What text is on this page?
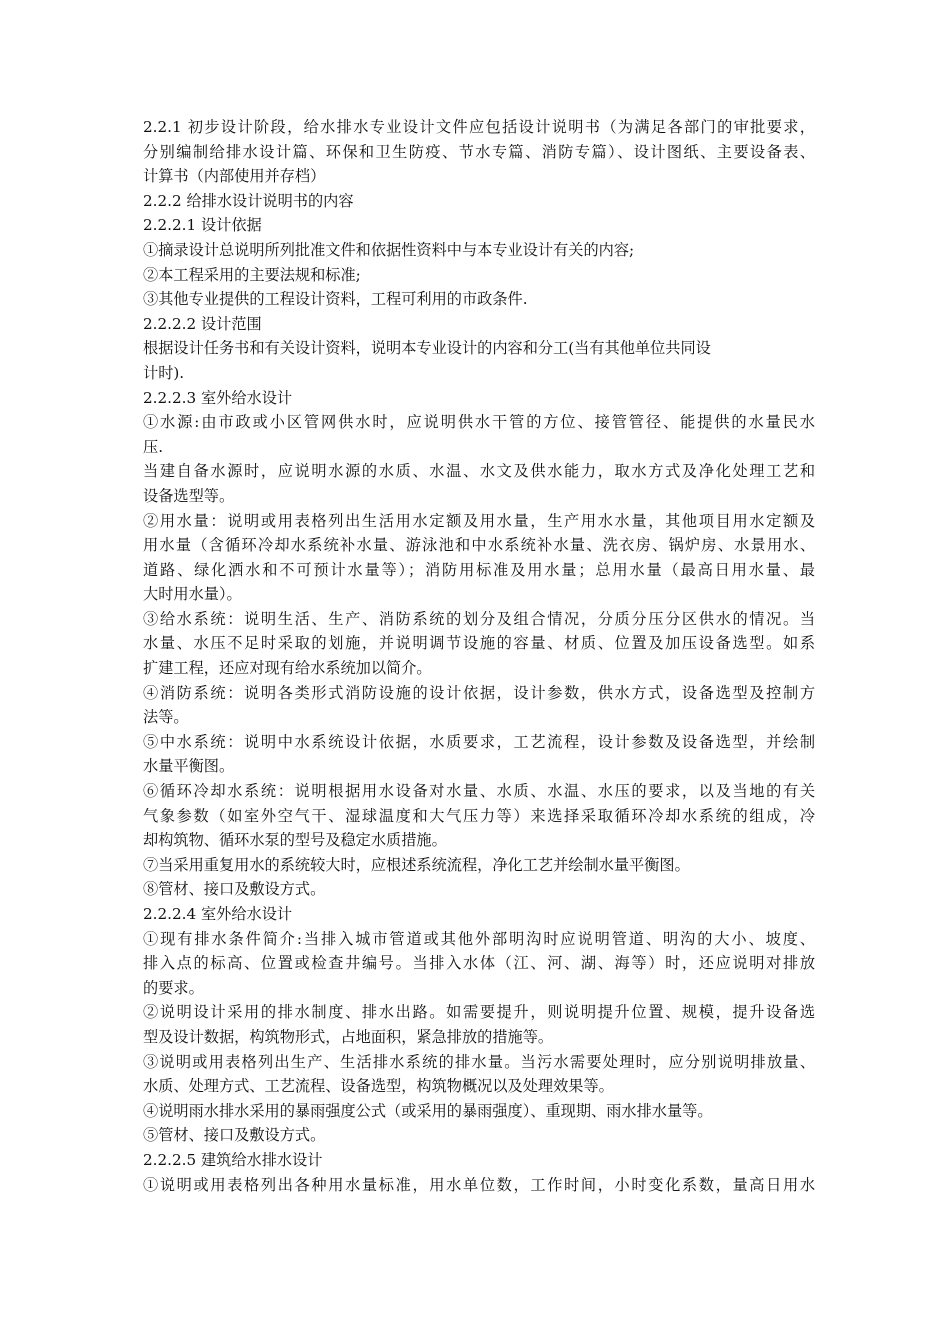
2.2.1 初步设计阶段，给水排水专业设计文件应包括设计说明书（为满足各部门的审批要求，
分别编制给排水设计篇、环保和卫生防疫、节水专篇、消防专篇）、设计图纸、主要设备表、
计算书（内部使用并存档）
2.2.2 给排水设计说明书的内容
2.2.2.1 设计依据
①摘录设计总说明所列批准文件和依据性资料中与本专业设计有关的内容;
②本工程采用的主要法规和标准;
③其他专业提供的工程设计资料，工程可利用的市政条件.
2.2.2.2 设计范围
根据设计任务书和有关设计资料，说明本专业设计的内容和分工(当有其他单位共同设
计时).
2.2.2.3 室外给水设计
①水源:由市政或小区管网供水时，应说明供水干管的方位、接管管径、能提供的水量民水
压.
当建自备水源时，应说明水源的水质、水温、水文及供水能力，取水方式及净化处理工艺和
设备选型等。
②用水量：说明或用表格列出生活用水定额及用水量，生产用水水量，其他项目用水定额及
用水量（含循环冷却水系统补水量、游泳池和中水系统补水量、洗衣房、锅炉房、水景用水、
道路、绿化洒水和不可预计水量等）；消防用标准及用水量；总用水量（最高日用水量、最
大时用水量）。
③给水系统：说明生活、生产、消防系统的划分及组合情况，分质分压分区供水的情况。当
水量、水压不足时采取的划施，并说明调节设施的容量、材质、位置及加压设备选型。如系
扩建工程，还应对现有给水系统加以简介。
④消防系统：说明各类形式消防设施的设计依据，设计参数，供水方式，设备选型及控制方
法等。
⑤中水系统：说明中水系统设计依据，水质要求，工艺流程，设计参数及设备选型，并绘制
水量平衡图。
⑥循环冷却水系统：说明根据用水设备对水量、水质、水温、水压的要求，以及当地的有关
气象参数（如室外空气干、湿球温度和大气压力等）来选择采取循环冷却水系统的组成，冷
却构筑物、循环水泵的型号及稳定水质措施。
⑦当采用重复用水的系统较大时，应根述系统流程，净化工艺并绘制水量平衡图。
⑧管材、接口及敷设方式。
2.2.2.4 室外给水设计
①现有排水条件简介:当排入城市管道或其他外部明沟时应说明管道、明沟的大小、坡度、
排入点的标高、位置或检查井编号。当排入水体（江、河、湖、海等）时，还应说明对排放
的要求。
②说明设计采用的排水制度、排水出路。如需要提升，则说明提升位置、规模，提升设备选
型及设计数据，构筑物形式，占地面积，紧急排放的措施等。
③说明或用表格列出生产、生活排水系统的排水量。当污水需要处理时，应分别说明排放量、
水质、处理方式、工艺流程、设备选型，构筑物概况以及处理效果等。
④说明雨水排水采用的暴雨强度公式（或采用的暴雨强度）、重现期、雨水排水量等。
⑤管材、接口及敷设方式。
2.2.2.5 建筑给水排水设计
①说明或用表格列出各种用水量标准，用水单位数，工作时间，小时变化系数，量高日用水
